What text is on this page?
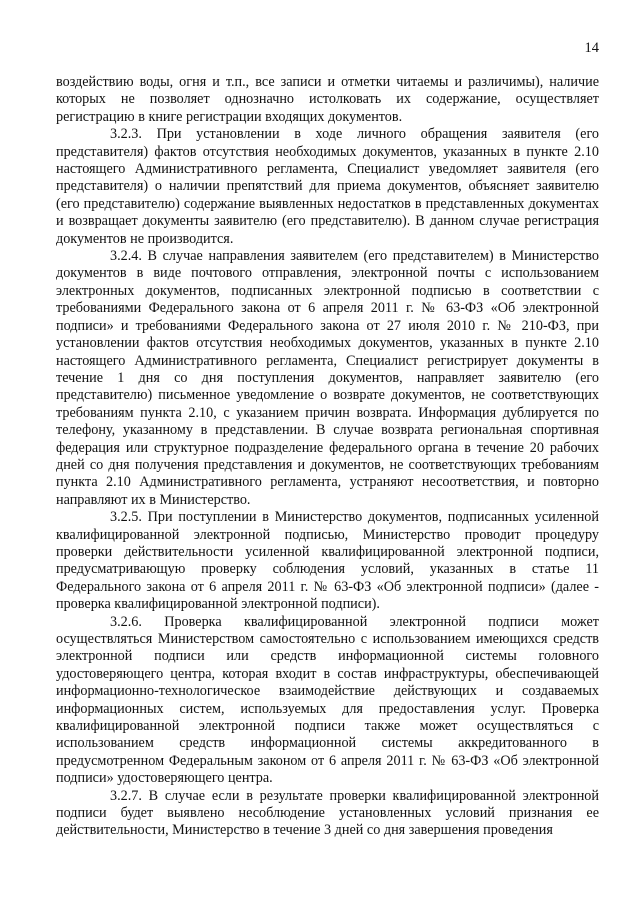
14

воздействию воды, огня и т.п., все записи и отметки читаемы и различимы), наличие которых не позволяет однозначно истолковать их содержание, осуществляет регистрацию в книге регистрации входящих документов.

3.2.3. При установлении в ходе личного обращения заявителя (его представителя) фактов отсутствия необходимых документов, указанных в пункте 2.10 настоящего Административного регламента, Специалист уведомляет заявителя (его представителя) о наличии препятствий для приема документов, объясняет заявителю (его представителю) содержание выявленных недостатков в представленных документах и возвращает документы заявителю (его представителю). В данном случае регистрация документов не производится.

3.2.4. В случае направления заявителем (его представителем) в Министерство документов в виде почтового отправления, электронной почты с использованием электронных документов, подписанных электронной подписью в соответствии с требованиями Федерального закона от 6 апреля 2011 г. № 63-ФЗ «Об электронной подписи» и требованиями Федерального закона от 27 июля 2010 г. № 210-ФЗ, при установлении фактов отсутствия необходимых документов, указанных в пункте 2.10 настоящего Административного регламента, Специалист регистрирует документы в течение 1 дня со дня поступления документов, направляет заявителю (его представителю) письменное уведомление о возврате документов, не соответствующих требованиям пункта 2.10, с указанием причин возврата. Информация дублируется по телефону, указанному в представлении. В случае возврата региональная спортивная федерация или структурное подразделение федерального органа в течение 20 рабочих дней со дня получения представления и документов, не соответствующих требованиям пункта 2.10 Административного регламента, устраняют несоответствия, и повторно направляют их в Министерство.

3.2.5. При поступлении в Министерство документов, подписанных усиленной квалифицированной электронной подписью, Министерство проводит процедуру проверки действительности усиленной квалифицированной электронной подписи, предусматривающую проверку соблюдения условий, указанных в статье 11 Федерального закона от 6 апреля 2011 г. № 63-ФЗ «Об электронной подписи» (далее - проверка квалифицированной электронной подписи).

3.2.6. Проверка квалифицированной электронной подписи может осуществляться Министерством самостоятельно с использованием имеющихся средств электронной подписи или средств информационной системы головного удостоверяющего центра, которая входит в состав инфраструктуры, обеспечивающей информационно-технологическое взаимодействие действующих и создаваемых информационных систем, используемых для предоставления услуг. Проверка квалифицированной электронной подписи также может осуществляться с использованием средств информационной системы аккредитованного в предусмотренном Федеральным законом от 6 апреля 2011 г. № 63-ФЗ «Об электронной подписи» удостоверяющего центра.

3.2.7. В случае если в результате проверки квалифицированной электронной подписи будет выявлено несоблюдение установленных условий признания ее действительности, Министерство в течение 3 дней со дня завершения проведения
